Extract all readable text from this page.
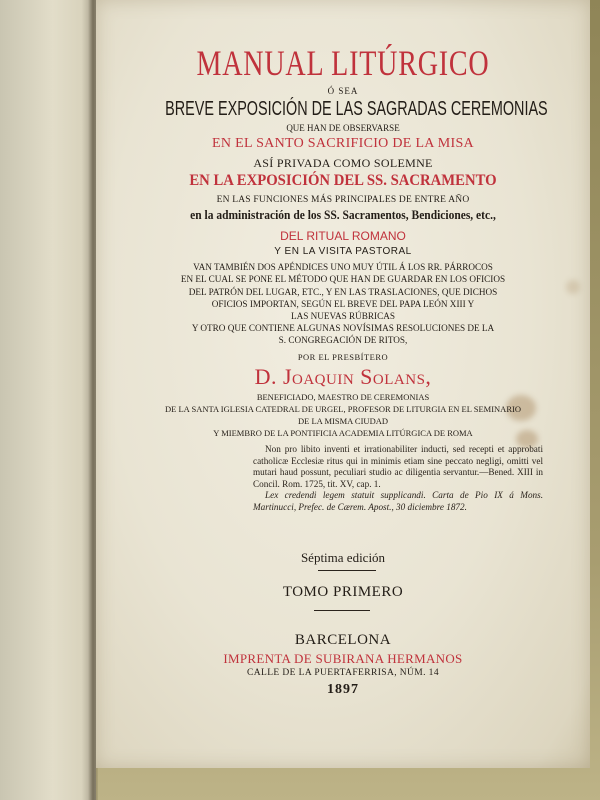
MANUAL LITÚRGICO
Ó SEA
BREVE EXPOSICIÓN DE LAS SAGRADAS CEREMONIAS
QUE HAN DE OBSERVARSE
EN EL SANTO SACRIFICIO DE LA MISA
ASÍ PRIVADA COMO SOLEMNE
EN LA EXPOSICIÓN DEL SS. SACRAMENTO
EN LAS FUNCIONES MÁS PRINCIPALES DE ENTRE AÑO
en la administración de los SS. Sacramentos, Bendiciones, etc.,
DEL RITUAL ROMANO
Y EN LA VISITA PASTORAL
VAN TAMBIÉN DOS APÉNDICES UNO MUY ÚTIL Á LOS RR. PÁRROCOS
EN EL CUAL SE PONE EL MÉTODO QUE HAN DE GUARDAR EN LOS OFICIOS
DEL PATRÓN DEL LUGAR, ETC., Y EN LAS TRASLACIONES, QUE DICHOS
OFICIOS IMPORTAN, SEGÚN EL BREVE DEL PAPA LEÓN XIII Y
LAS NUEVAS RÚBRICAS
Y OTRO QUE CONTIENE ALGUNAS NOVÍSIMAS RESOLUCIONES DE LA
S. CONGREGACIÓN DE RITOS,
POR EL PRESBÍTERO
D. Joaquin Solans,
BENEFICIADO, MAESTRO DE CEREMONIAS
DE LA SANTA IGLESIA CATEDRAL DE URGEL, PROFESOR DE LITURGIA EN EL SEMINARIO
DE LA MISMA CIUDAD
Y MIEMBRO DE LA PONTIFICIA ACADEMIA LITÚRGICA DE ROMA

Non pro libito inventi et irrationabiliter inducti, sed recepti et approbati catholicæ Ecclesiæ ritus qui in minimis etiam sine peccato negligi, omitti vel mutari haud possunt, peculiari studio ac diligentia servantur.—Bened. XIII in Concil. Rom. 1725, tit. XV, cap. 1.

Lex credendi legem statuit supplicandi. Carta de Pio IX á Mons. Martinucci, Prefec. de Cærem. Apost., 30 diciembre 1872.

Séptima edición
TOMO PRIMERO
BARCELONA
IMPRENTA DE SUBIRANA HERMANOS
CALLE DE LA PUERTAFERRISA, NÚM. 14
1897
